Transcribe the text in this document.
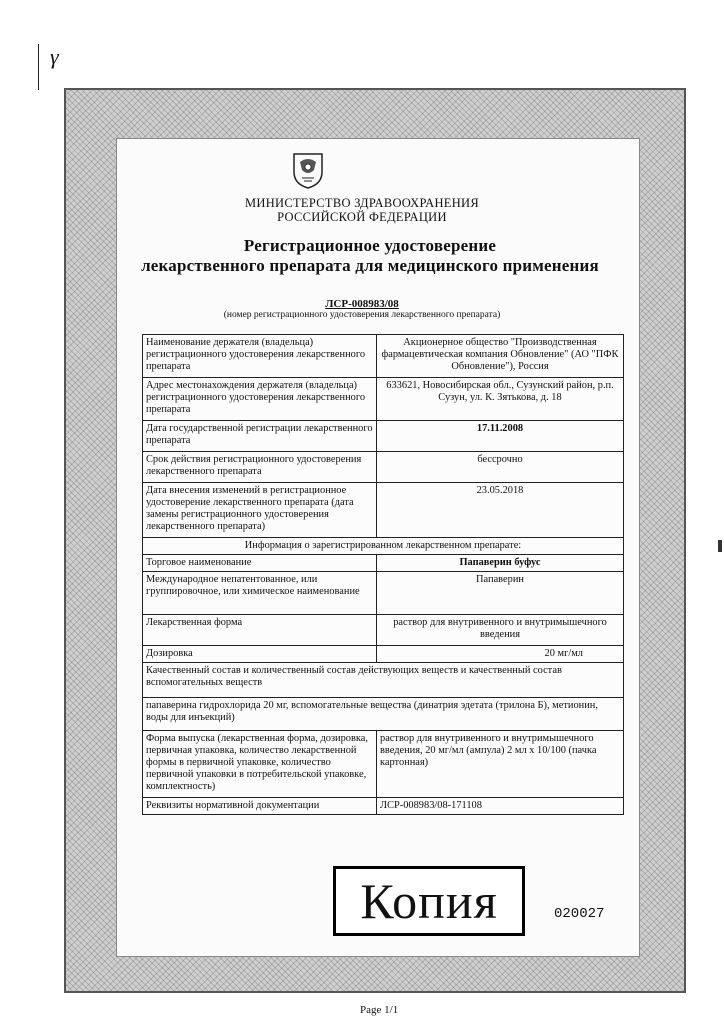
γ
МИНИСТЕРСТВО ЗДРАВООХРАНЕНИЯ
РОССИЙСКОЙ ФЕДЕРАЦИИ
Регистрационное удостоверение
лекарственного препарата для медицинского применения
ЛСР-008983/08
(номер регистрационного удостоверения лекарственного препарата)
Наименование держателя (владельца) регистрационного удостоверения лекарственного препарата	Акционерное общество "Производственная фармацевтическая компания Обновление" (АО "ПФК Обновление"), Россия
Адрес местонахождения держателя (владельца) регистрационного удостоверения лекарственного препарата	633621, Новосибирская обл., Сузунский район, р.п. Сузун, ул. К. Зятькова, д. 18
Дата государственной регистрации лекарственного препарата	17.11.2008
Срок действия регистрационного удостоверения лекарственного препарата	бессрочно
Дата внесения изменений в регистрационное удостоверение лекарственного препарата (дата замены регистрационного удостоверения лекарственного препарата)	23.05.2018
Информация о зарегистрированном лекарственном препарате:	
Торговое наименование	Папаверин буфус
Международное непатентованное, или группировочное, или химическое наименование	Папаверин
Лекарственная форма	раствор для внутривенного и внутримышечного введения
Дозировка	20 мг/мл
Качественный состав и количественный состав действующих веществ и качественный состав вспомогательных веществ	
папаверина гидрохлорида 20 мг, вспомогательные вещества (динатрия эдетата (трилона Б), метионин, воды для инъекций)	
Форма выпуска (лекарственная форма, дозировка, первичная упаковка, количество лекарственной формы в первичной упаковке, количество первичной упаковки в потребительской упаковке, комплектность)	раствор для внутривенного и внутримышечного введения, 20 мг/мл (ампула) 2 мл x 10/100 (пачка картонная)
Реквизиты нормативной документации	ЛСР-008983/08-171108
Копия	020027
Page 1/1
